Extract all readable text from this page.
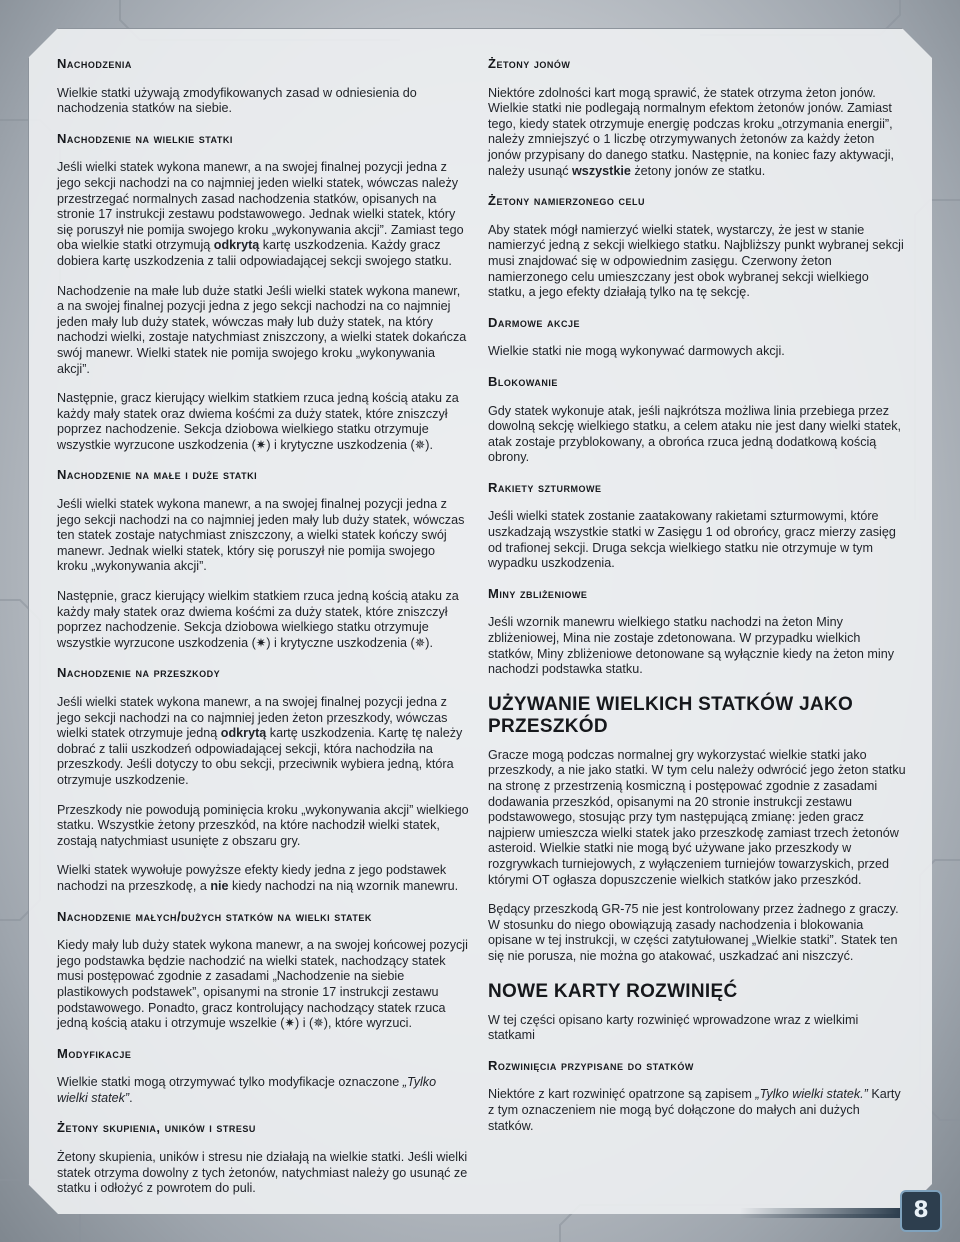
Nachodzenia

Wielkie statki używają zmodyfikowanych zasad w odniesienia do nachodzenia statków na siebie.

Nachodzenie na wielkie statki

Jeśli wielki statek wykona manewr, a na swojej finalnej pozycji jedna z jego sekcji nachodzi na co najmniej jeden wielki statek, wówczas należy przestrzegać normalnych zasad nachodzenia statków, opisanych na stronie 17 instrukcji zestawu podstawowego. Jednak wielki statek, który się poruszył nie pomija swojego kroku „wykonywania akcji”. Zamiast tego oba wielkie statki otrzymują odkrytą kartę uszkodzenia. Każdy gracz dobiera kartę uszkodzenia z talii odpowiadającej sekcji swojego statku.

Nachodzenie na małe lub duże statki Jeśli wielki statek wykona manewr, a na swojej finalnej pozycji jedna z jego sekcji nachodzi na co najmniej jeden mały lub duży statek, wówczas mały lub duży statek, na który nachodzi wielki, zostaje natychmiast zniszczony, a wielki statek dokańcza swój manewr. Wielki statek nie pomija swojego kroku „wykonywania akcji”.

Następnie, gracz kierujący wielkim statkiem rzuca jedną kością ataku za każdy mały statek oraz dwiema kośćmi za duży statek, które zniszczył poprzez nachodzenie. Sekcja dziobowa wielkiego statku otrzymuje wszystkie wyrzucone uszkodzenia (✷) i krytyczne uszkodzenia (✵).

Nachodzenie na małe i duże statki

Jeśli wielki statek wykona manewr, a na swojej finalnej pozycji jedna z jego sekcji nachodzi na co najmniej jeden mały lub duży statek, wówczas ten statek zostaje natychmiast zniszczony, a wielki statek kończy swój manewr. Jednak wielki statek, który się poruszył nie pomija swojego kroku „wykonywania akcji”.

Następnie, gracz kierujący wielkim statkiem rzuca jedną kością ataku za każdy mały statek oraz dwiema kośćmi za duży statek, które zniszczył poprzez nachodzenie. Sekcja dziobowa wielkiego statku otrzymuje wszystkie wyrzucone uszkodzenia (✷) i krytyczne uszkodzenia (✵).

Nachodzenie na przeszkody

Jeśli wielki statek wykona manewr, a na swojej finalnej pozycji jedna z jego sekcji nachodzi na co najmniej jeden żeton przeszkody, wówczas wielki statek otrzymuje jedną odkrytą kartę uszkodzenia. Kartę tę należy dobrać z talii uszkodzeń odpowiadającej sekcji, która nachodziła na przeszkody. Jeśli dotyczy to obu sekcji, przeciwnik wybiera jedną, która otrzymuje uszkodzenie.

Przeszkody nie powodują pominięcia kroku „wykonywania akcji” wielkiego statku. Wszystkie żetony przeszkód, na które nachodził wielki statek, zostają natychmiast usunięte z obszaru gry.

Wielki statek wywołuje powyższe efekty kiedy jedna z jego podstawek nachodzi na przeszkodę, a nie kiedy nachodzi na nią wzornik manewru.

Nachodzenie małych/dużych statków na wielki statek

Kiedy mały lub duży statek wykona manewr, a na swojej końcowej pozycji jego podstawka będzie nachodzić na wielki statek, nachodzący statek musi postępować zgodnie z zasadami „Nachodzenie na siebie plastikowych podstawek”, opisanymi na stronie 17 instrukcji zestawu podstawowego. Ponadto, gracz kontrolujący nachodzący statek rzuca jedną kością ataku i otrzymuje wszelkie (✷) i (✵), które wyrzuci.

Modyfikacje

Wielkie statki mogą otrzymywać tylko modyfikacje oznaczone „Tylko wielki statek”.

Żetony skupienia, uników i stresu

Żetony skupienia, uników i stresu nie działają na wielkie statki. Jeśli wielki statek otrzyma dowolny z tych żetonów, natychmiast należy go usunąć ze statku i odłożyć z powrotem do puli.

Żetony jonów

Niektóre zdolności kart mogą sprawić, że statek otrzyma żeton jonów. Wielkie statki nie podlegają normalnym efektom żetonów jonów. Zamiast tego, kiedy statek otrzymuje energię podczas kroku „otrzymania energii”, należy zmniejszyć o 1 liczbę otrzymywanych żetonów za każdy żeton jonów przypisany do danego statku. Następnie, na koniec fazy aktywacji, należy usunąć wszystkie żetony jonów ze statku.

Żetony namierzonego celu

Aby statek mógł namierzyć wielki statek, wystarczy, że jest w stanie namierzyć jedną z sekcji wielkiego statku. Najbliższy punkt wybranej sekcji musi znajdować się w odpowiednim zasięgu. Czerwony żeton namierzonego celu umieszczany jest obok wybranej sekcji wielkiego statku, a jego efekty działają tylko na tę sekcję.

Darmowe akcje

Wielkie statki nie mogą wykonywać darmowych akcji.

Blokowanie

Gdy statek wykonuje atak, jeśli najkrótsza możliwa linia przebiega przez dowolną sekcję wielkiego statku, a celem ataku nie jest dany wielki statek, atak zostaje przyblokowany, a obrońca rzuca jedną dodatkową kością obrony.

Rakiety szturmowe

Jeśli wielki statek zostanie zaatakowany rakietami szturmowymi, które uszkadzają wszystkie statki w Zasięgu 1 od obrońcy, gracz mierzy zasięg od trafionej sekcji. Druga sekcja wielkiego statku nie otrzymuje w tym wypadku uszkodzenia.

Miny zbliżeniowe

Jeśli wzornik manewru wielkiego statku nachodzi na żeton Miny zbliżeniowej, Mina nie zostaje zdetonowana. W przypadku wielkich statków, Miny zbliżeniowe detonowane są wyłącznie kiedy na żeton miny nachodzi podstawka statku.

UŻYWANIE WIELKICH STATKÓW JAKO PRZESZKÓD

Gracze mogą podczas normalnej gry wykorzystać wielkie statki jako przeszkody, a nie jako statki. W tym celu należy odwrócić jego żeton statku na stronę z przestrzenią kosmiczną i postępować zgodnie z zasadami dodawania przeszkód, opisanymi na 20 stronie instrukcji zestawu podstawowego, stosując przy tym następującą zmianę: jeden gracz najpierw umieszcza wielki statek jako przeszkodę zamiast trzech żetonów asteroid. Wielkie statki nie mogą być używane jako przeszkody w rozgrywkach turniejowych, z wyłączeniem turniejów towarzyskich, przed którymi OT ogłasza dopuszczenie wielkich statków jako przeszkód.

Będący przeszkodą GR-75 nie jest kontrolowany przez żadnego z graczy. W stosunku do niego obowiązują zasady nachodzenia i blokowania opisane w tej instrukcji, w części zatytułowanej „Wielkie statki”. Statek ten się nie porusza, nie można go atakować, uszkadzać ani niszczyć.

NOWE KARTY ROZWINIĘĆ

W tej części opisano karty rozwinięć wprowadzone wraz z wielkimi statkami

Rozwinięcia przypisane do statków

Niektóre z kart rozwinięć opatrzone są zapisem „Tylko wielki statek.” Karty z tym oznaczeniem nie mogą być dołączone do małych ani dużych statków.

8
